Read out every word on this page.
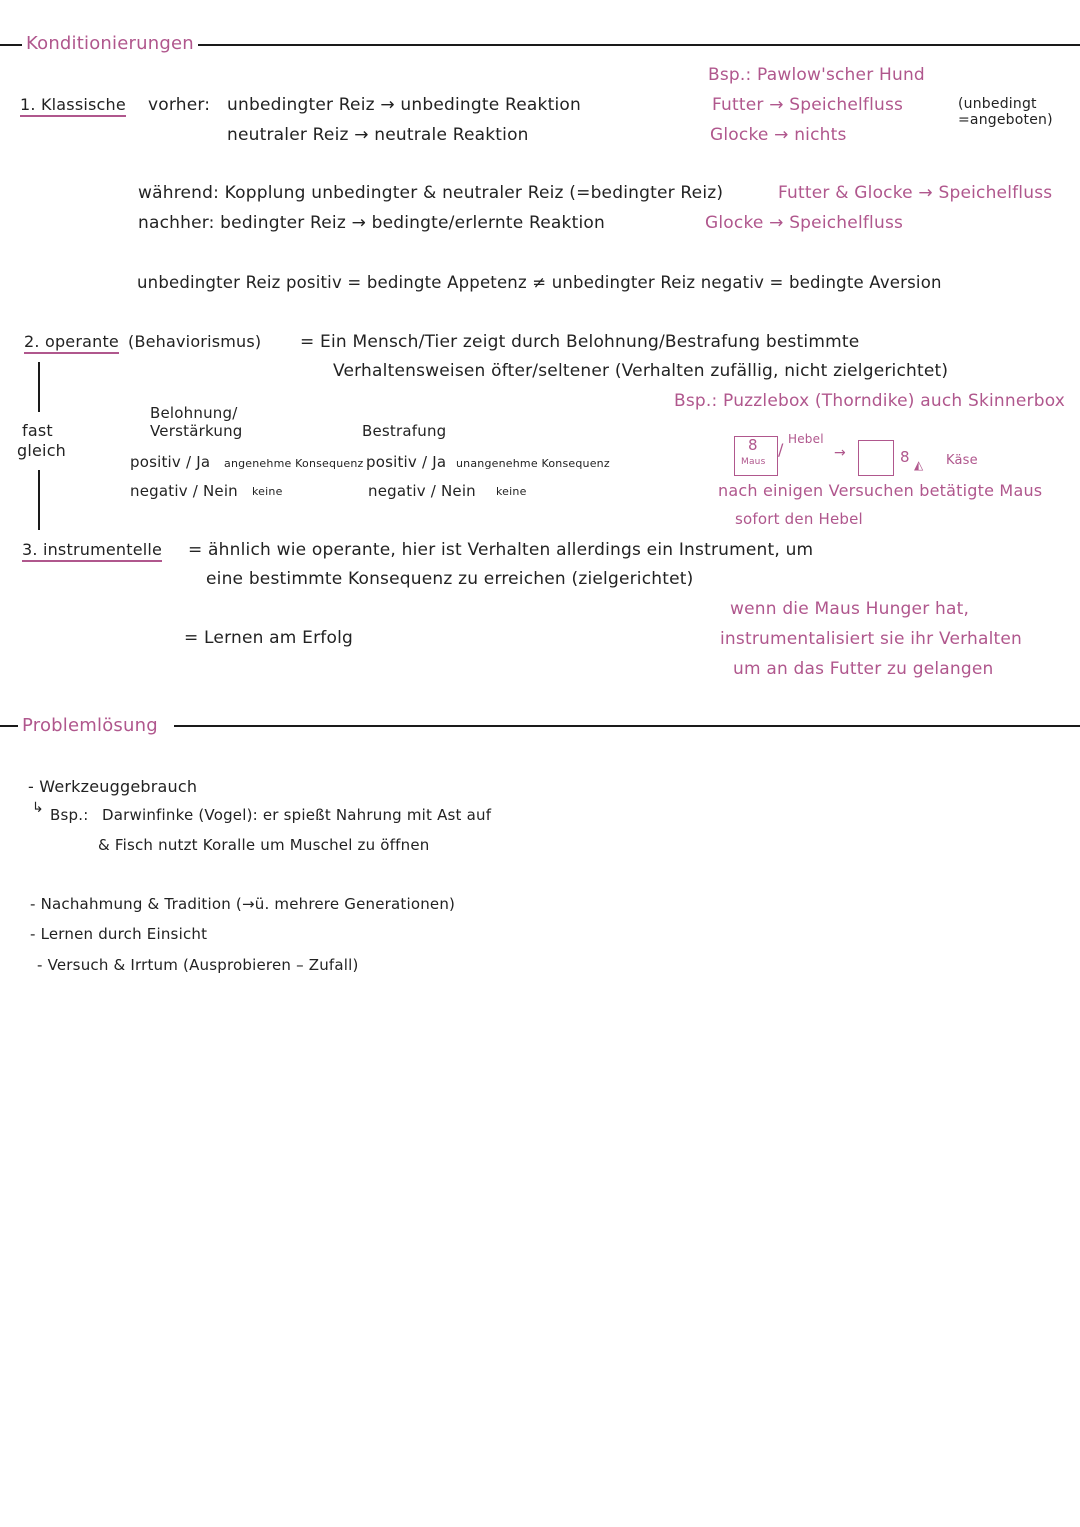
Konditionierungen
1. Klassische vorher: unbedingter Reiz → unbedingte Reaktion
neutraler Reiz → neutrale Reaktion
Bsp.: Pawlow'scher Hund
Futter → Speichelfluss
Glocke → nichts
(unbedingt
=angeboten)
während: Kopplung unbedingter & neutraler Reiz (=bedingter Reiz)	Futter & Glocke → Speichelfluss
nachher: bedingter Reiz → bedingte/erlernte Reaktion	Glocke → Speichelfluss
unbedingter Reiz positiv = bedingte Appetenz ≠ unbedingter Reiz negativ = bedingte Aversion
2. operante (Behaviorismus) = Ein Mensch/Tier zeigt durch Belohnung/Bestrafung bestimmte
Verhaltensweisen öfter/seltener (Verhalten zufällig, nicht zielgerichtet)
Bsp.: Puzzlebox (Thorndike) auch Skinnerbox
fast
gleich
Belohnung/
Verstärkung	Bestrafung
positiv / Ja angenehme Konsequenz positiv / Ja unangenehme Konsequenz
negativ / Nein keine	negativ / Nein keine
8
Maus
/
Hebel
→	8 ◭ Käse
nach einigen Versuchen betätigte Maus
sofort den Hebel
3. instrumentelle = ähnlich wie operante, hier ist Verhalten allerdings ein Instrument, um
eine bestimmte Konsequenz zu erreichen (zielgerichtet)
= Lernen am Erfolg
wenn die Maus Hunger hat,
instrumentalisiert sie ihr Verhalten
um an das Futter zu gelangen
Problemlösung
- Werkzeuggebrauch
↳ Bsp.: Darwinfinke (Vogel): er spießt Nahrung mit Ast auf
& Fisch nutzt Koralle um Muschel zu öffnen
- Nachahmung & Tradition (→ü. mehrere Generationen)
- Lernen durch Einsicht
- Versuch & Irrtum (Ausprobieren – Zufall)
